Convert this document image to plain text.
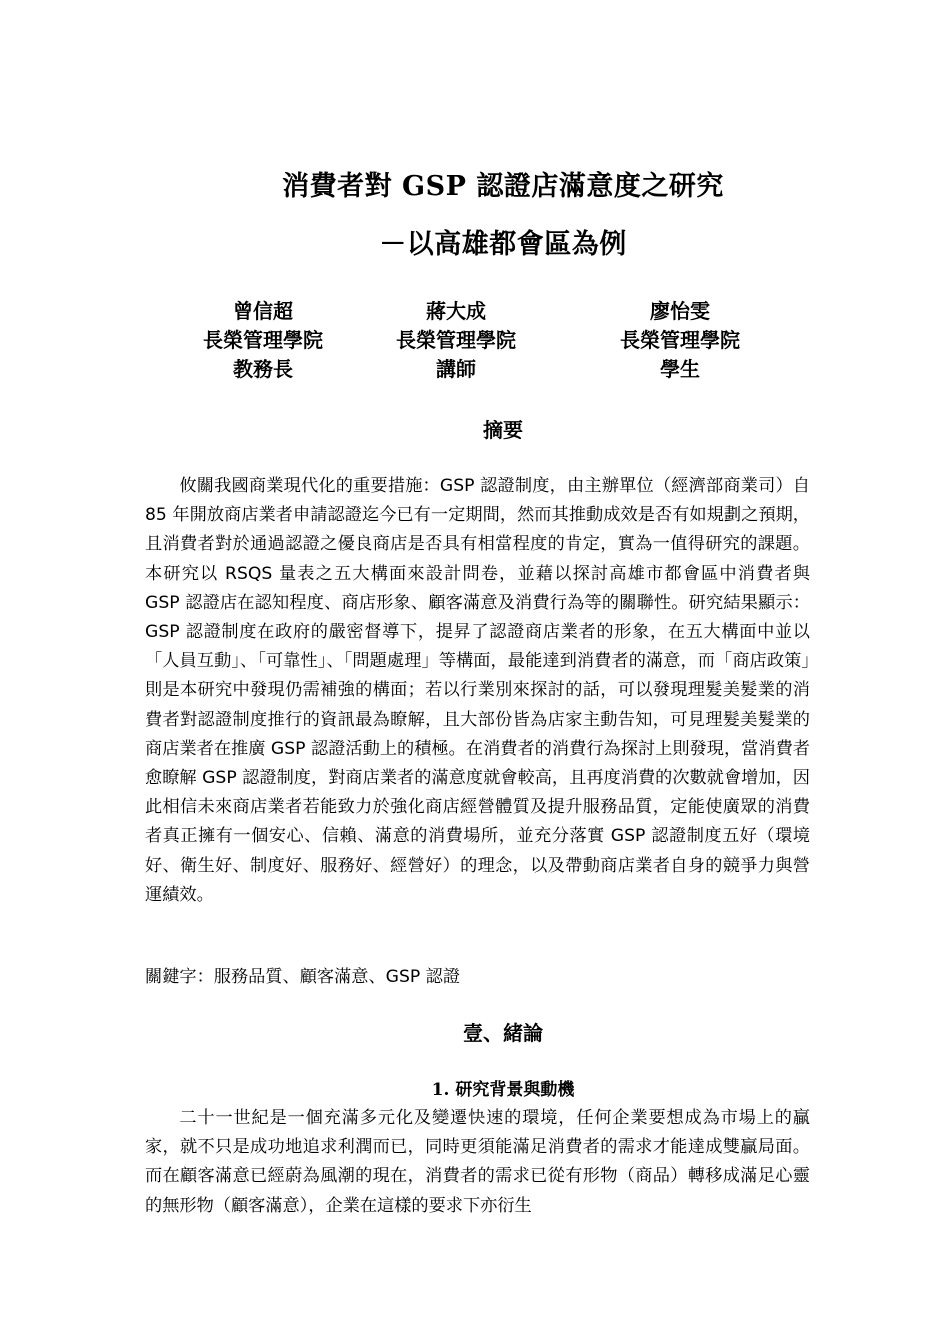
消費者對 GSP 認證店滿意度之研究
－以高雄都會區為例
曾信超
長榮管理學院
教務長
蔣大成
長榮管理學院
講師
廖怡雯
長榮管理學院
學生
摘要
攸關我國商業現代化的重要措施：GSP 認證制度，由主辦單位（經濟部商業司）自 85 年開放商店業者申請認證迄今已有一定期間，然而其推動成效是否有如規劃之預期，且消費者對於通過認證之優良商店是否具有相當程度的肯定，實為一值得研究的課題。本研究以 RSQS 量表之五大構面來設計問卷，並藉以探討高雄市都會區中消費者與 GSP 認證店在認知程度、商店形象、顧客滿意及消費行為等的關聯性。研究結果顯示：GSP 認證制度在政府的嚴密督導下，提昇了認證商店業者的形象，在五大構面中並以「人員互動」、「可靠性」、「問題處理」等構面，最能達到消費者的滿意，而「商店政策」則是本研究中發現仍需補強的構面；若以行業別來探討的話，可以發現理髮美髮業的消費者對認證制度推行的資訊最為瞭解，且大部份皆為店家主動告知，可見理髮美髮業的商店業者在推廣 GSP 認證活動上的積極。在消費者的消費行為探討上則發現，當消費者愈瞭解 GSP 認證制度，對商店業者的滿意度就會較高，且再度消費的次數就會增加，因此相信未來商店業者若能致力於強化商店經營體質及提升服務品質，定能使廣眾的消費者真正擁有一個安心、信賴、滿意的消費場所，並充分落實 GSP 認證制度五好（環境好、衛生好、制度好、服務好、經營好）的理念，以及帶動商店業者自身的競爭力與營運績效。
關鍵字：服務品質、顧客滿意、GSP 認證
壹、緒論
1. 研究背景與動機
二十一世紀是一個充滿多元化及變遷快速的環境，任何企業要想成為市場上的贏家，就不只是成功地追求利潤而已，同時更須能滿足消費者的需求才能達成雙贏局面。而在顧客滿意已經蔚為風潮的現在，消費者的需求已從有形物（商品）轉移成滿足心靈的無形物（顧客滿意），企業在這樣的要求下亦衍生
